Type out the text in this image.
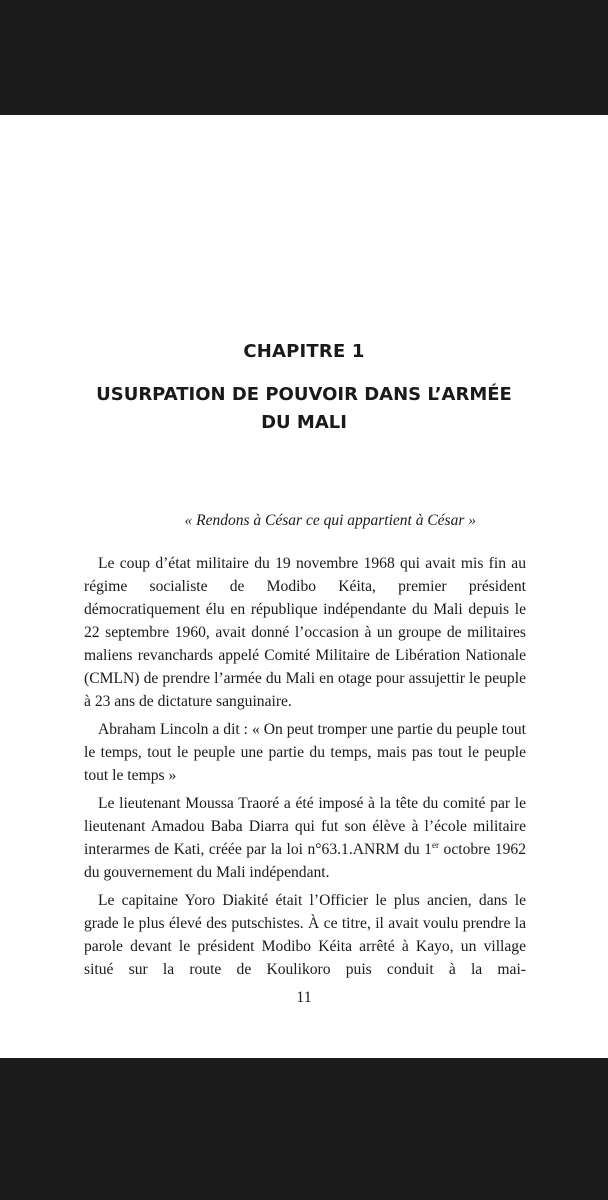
CHAPITRE 1
USURPATION DE POUVOIR DANS L’ARMÉE
DU MALI
« Rendons à César ce qui appartient à César »

Le coup d’état militaire du 19 novembre 1968 qui avait mis fin au régime socialiste de Modibo Kéita, premier président démocratiquement élu en république indépendante du Mali depuis le 22 septembre 1960, avait donné l’occasion à un groupe de militaires maliens revanchards appelé Comité Militaire de Libération Nationale (CMLN) de prendre l’armée du Mali en otage pour assujettir le peuple à 23 ans de dictature sanguinaire.

Abraham Lincoln a dit : « On peut tromper une partie du peuple tout le temps, tout le peuple une partie du temps, mais pas tout le peuple tout le temps »

Le lieutenant Moussa Traoré a été imposé à la tête du comité par le lieutenant Amadou Baba Diarra qui fut son élève à l’école militaire interarmes de Kati, créée par la loi n°63.1.ANRM du 1er octobre 1962 du gouvernement du Mali indépendant.

Le capitaine Yoro Diakité était l’Officier le plus ancien, dans le grade le plus élevé des putschistes. À ce titre, il avait voulu prendre la parole devant le président Modibo Kéita arrêté à Kayo, un village situé sur la route de Koulikoro puis conduit à la mai-

11
